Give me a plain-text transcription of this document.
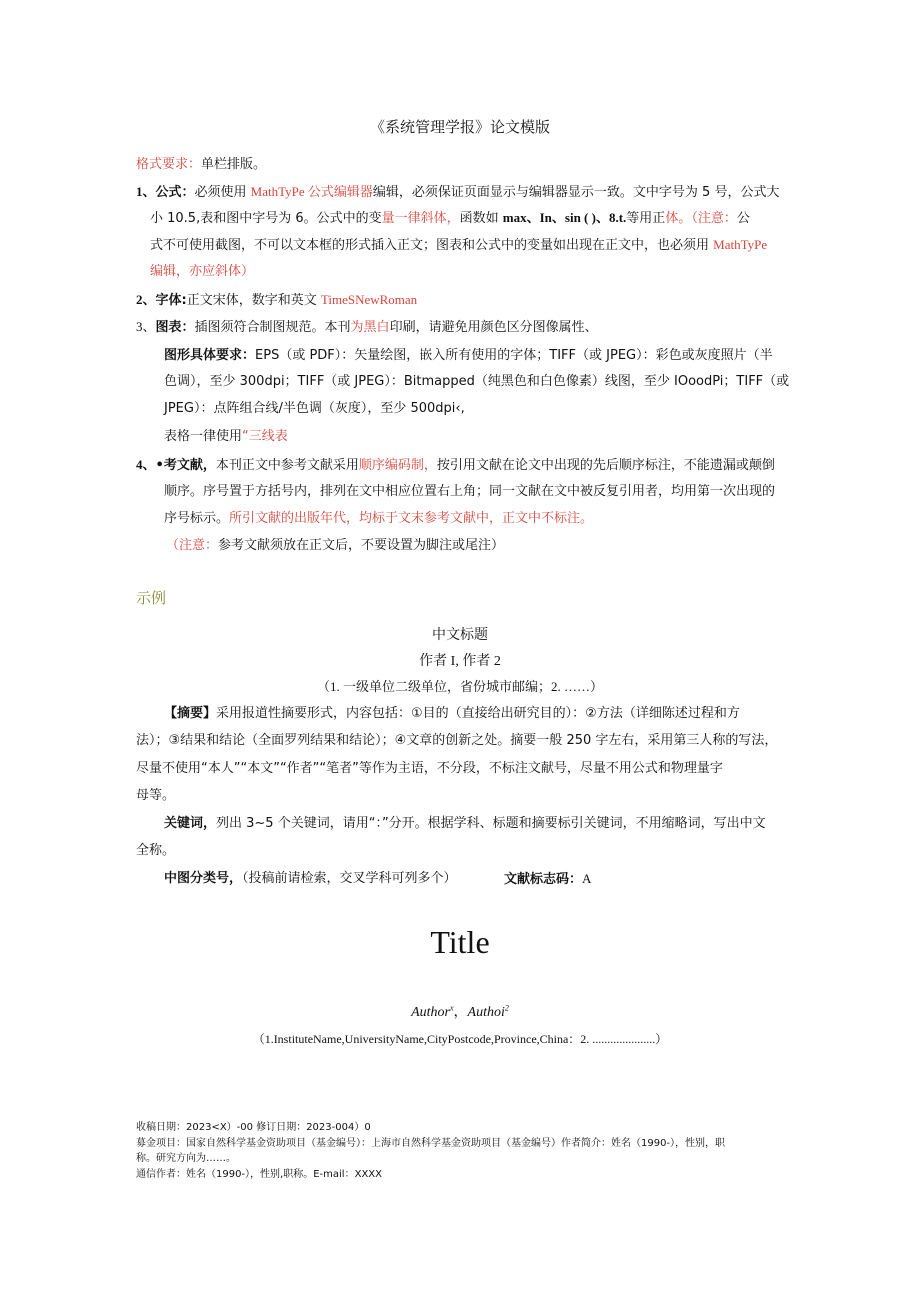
《系统管理学报》论文模版
格式要求：单栏排版。
1、公式：必须使用 MathTyPe 公式编辑器编辑，必须保证页面显示与编辑器显示一致。文中字号为 5 号，公式大
小 10.5,表和图中字号为 6。公式中的变量一律斜体，函数如 max、In、sin ( )、8.t.等用正体。（注意：公
式不可使用截图，不可以文本框的形式插入正文；图表和公式中的变量如出现在正文中，也必须用 MathTyPe
编辑，亦应斜体）
2、字体:正文宋体，数字和英文 TimeSNewRoman
3、图表：插图须符合制图规范。本刊为黑白印刷，请避免用颜色区分图像属性、
图形具体要求：EPS（或 PDF）：矢量绘图，嵌入所有使用的字体；TIFF（或 JPEG）：彩色或灰度照片（半
色调），至少 300dpi；TIFF（或 JPEG）：Bitmapped（纯黑色和白色像素）线图，至少 IOoodPi；TIFF（或
JPEG）：点阵组合线/半色调（灰度），至少 500dpi‹,
表格一律使用“三线表
4、•考文献，本刊正文中参考文献采用顺序编码制，按引用文献在论文中出现的先后顺序标注，不能遗漏或颠倒
顺序。序号置于方括号内，排列在文中相应位置右上角；同一文献在文中被反复引用者，均用第一次出现的
序号标示。所引文献的出版年代，均标于文末参考文献中，正文中不标注。
（注意：参考文献须放在正文后，不要设置为脚注或尾注）
示例
中文标题
作者 I, 作者 2
（1. 一级单位二级单位，省份城市邮编；2. ……）
【摘要】采用报道性摘要形式，内容包括：①目的（直接给出研究目的）：②方法（详细陈述过程和方
法）；③结果和结论（全面罗列结果和结论）；④文章的创新之处。摘要一般 250 字左右，采用第三人称的写法，
尽量不使用“本人”“本文”“作者”“笔者”等作为主语，不分段，不标注文献号，尽量不用公式和物理量字
母等。
关键词，列出 3~5 个关键词，请用“：”分开。根据学科、标题和摘要标引关键词，不用缩略词，写出中文
全称。
中图分类号，（投稿前请检索，交叉学科可列多个）	文献标志码：A
Title
Author$^x$，Authoi$^2$
（1.InstituteName,UniversityName,CityPostcode,Province,China：2. .....................）
收稿日期：2023<X）-00 修订日期：2023-004）0
募金项目：国家自然科学基金资助项目（基金编号）：上海市自然科学基金资助项目（基金编号）作者简介：姓名（1990-），性别，职
称。研究方向为……。
通信作者：姓名（1990-），性别,职称。E-mail：XXXX
